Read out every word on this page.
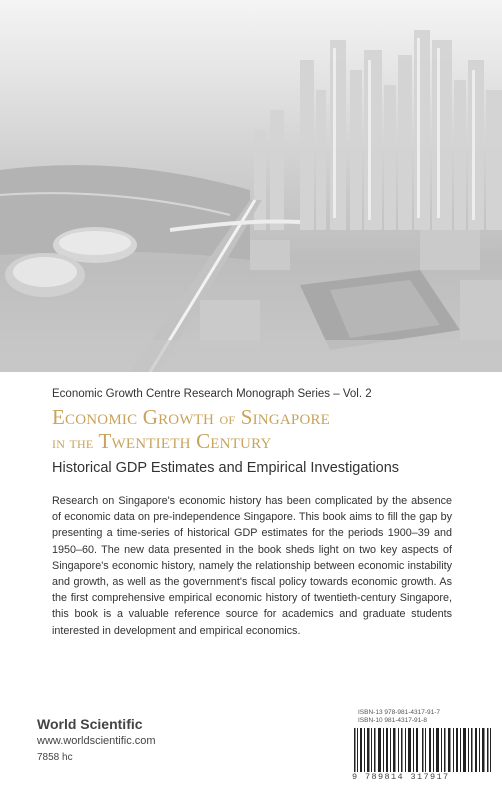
Economic Growth Centre Research Monograph Series – Vol. 2
Economic Growth of Singapore
in the Twentieth Century
Historical GDP Estimates and Empirical Investigations
Research on Singapore's economic history has been complicated by the absence of economic data on pre-independence Singapore. This book aims to fill the gap by presenting a time-series of historical GDP estimates for the periods 1900–39 and 1950–60. The new data presented in the book sheds light on two key aspects of Singapore's economic history, namely the relationship between economic instability and growth, as well as the government's fiscal policy towards economic growth. As the first comprehensive empirical economic history of twentieth-century Singapore, this book is a valuable reference source for academics and graduate students interested in development and empirical economics.
World Scientific
www.worldscientific.com
7858 hc
ISBN-13 978-981-4317-91-7
ISBN-10 981-4317-91-8
9 789814 317917
